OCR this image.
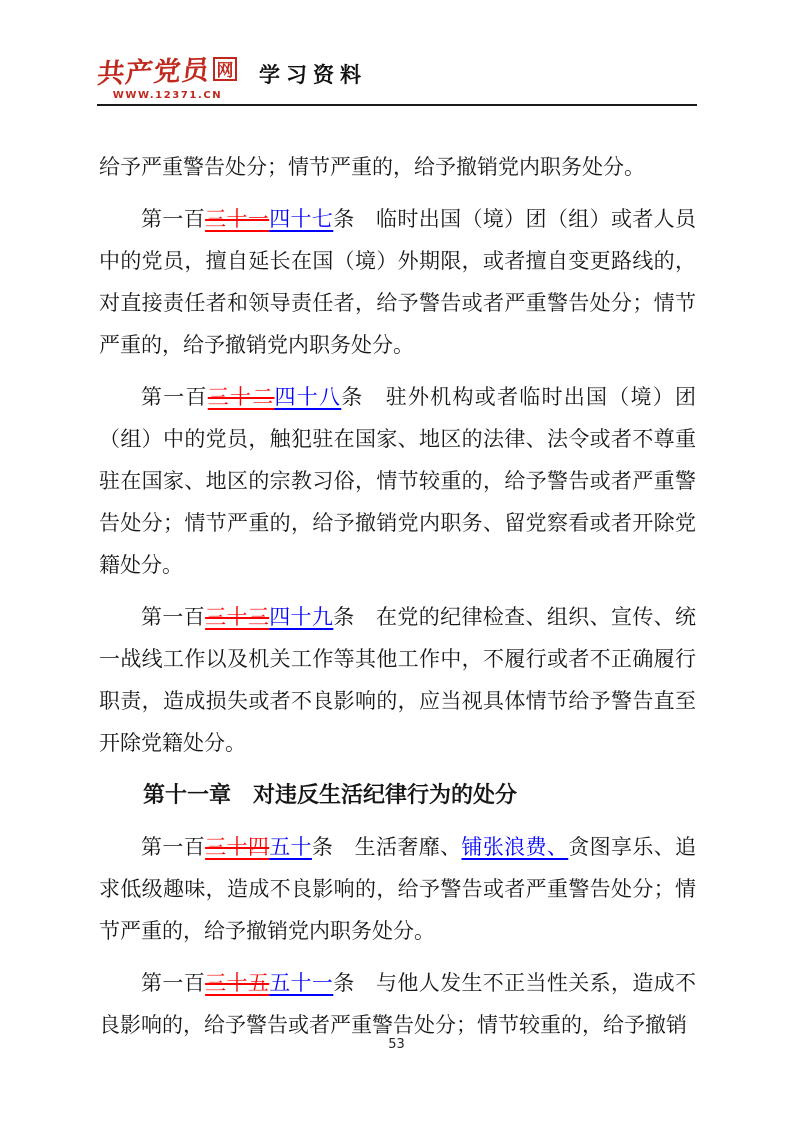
共产党员 网
WWW.12371.CN
学习资料

给予严重警告处分；情节严重的，给予撤销党内职务处分。

第一百三十一四十七条　临时出国（境）团（组）或者人员中的党员，擅自延长在国（境）外期限，或者擅自变更路线的，对直接责任者和领导责任者，给予警告或者严重警告处分；情节严重的，给予撤销党内职务处分。

第一百三十二四十八条　驻外机构或者临时出国（境）团（组）中的党员，触犯驻在国家、地区的法律、法令或者不尊重驻在国家、地区的宗教习俗，情节较重的，给予警告或者严重警告处分；情节严重的，给予撤销党内职务、留党察看或者开除党籍处分。

第一百三十三四十九条　在党的纪律检查、组织、宣传、统一战线工作以及机关工作等其他工作中，不履行或者不正确履行职责，造成损失或者不良影响的，应当视具体情节给予警告直至开除党籍处分。

第十一章　对违反生活纪律行为的处分

第一百三十四五十条　生活奢靡、铺张浪费、贪图享乐、追求低级趣味，造成不良影响的，给予警告或者严重警告处分；情节严重的，给予撤销党内职务处分。

第一百三十五五十一条　与他人发生不正当性关系，造成不良影响的，给予警告或者严重警告处分；情节较重的，给予撤销

53
